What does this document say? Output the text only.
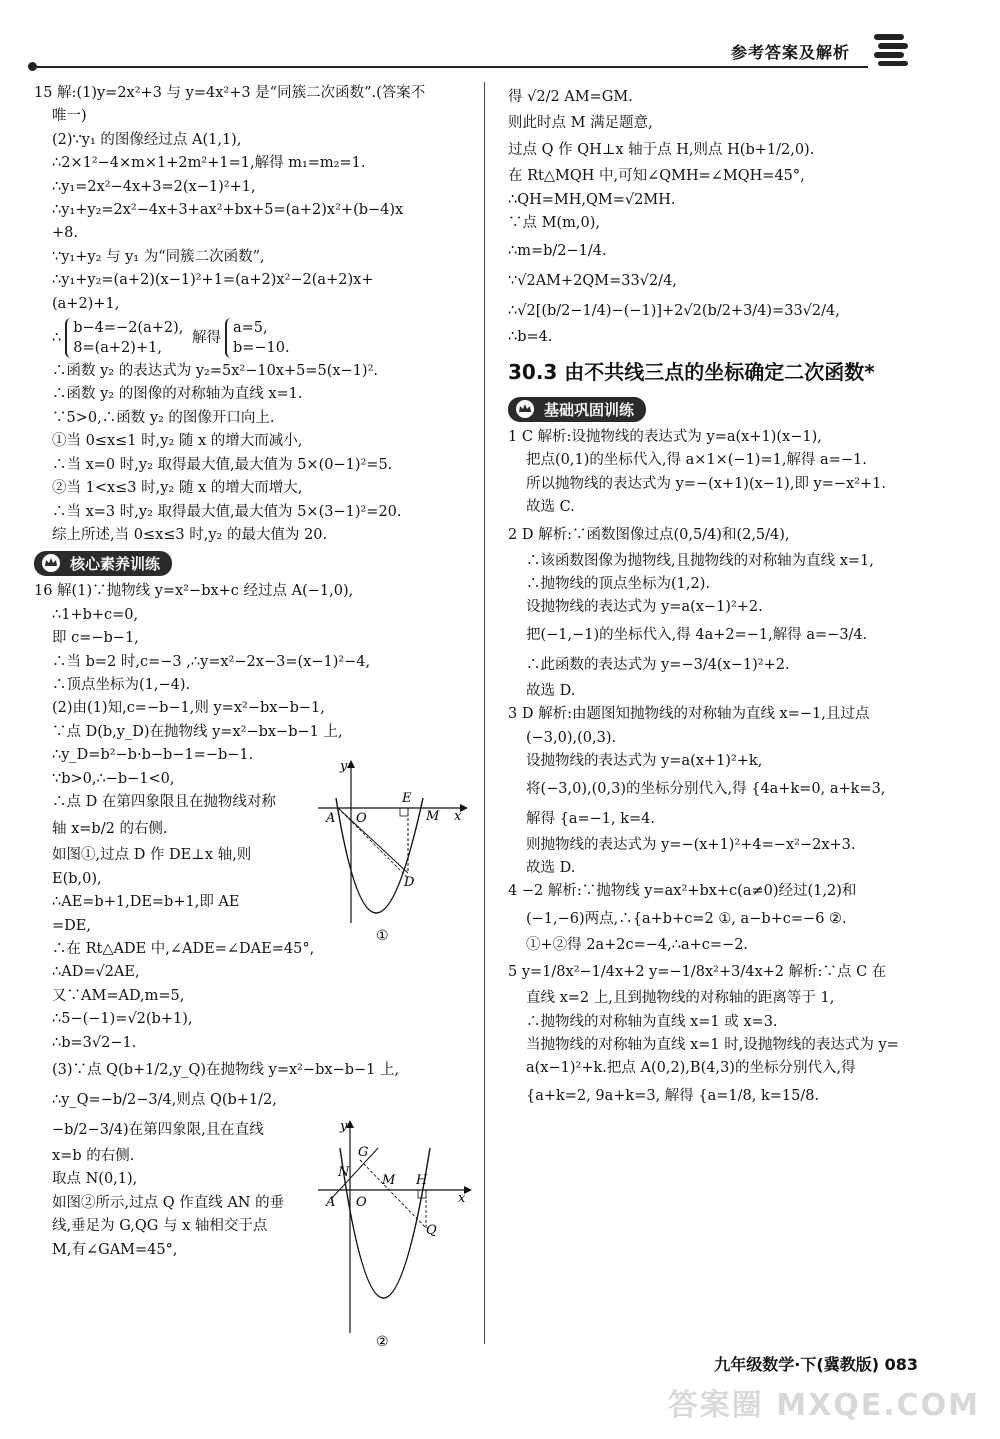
参考答案及解析
15 解:(1)y=2x²+3 与 y=4x²+3 是“同簇二次函数”.(答案不
唯一)
(2)∵y₁ 的图像经过点 A(1,1),
∴2×1²−4×m×1+2m²+1=1,解得 m₁=m₂=1.
∴y₁=2x²−4x+3=2(x−1)²+1,
∴y₁+y₂=2x²−4x+3+ax²+bx+5=(a+2)x²+(b−4)x
+8.
∵y₁+y₂ 与 y₁ 为“同簇二次函数”,
∴y₁+y₂=(a+2)(x−1)²+1=(a+2)x²−2(a+2)x+
(a+2)+1,
∴b−4=−2(a+2),
8=(a+2)+1, 解得a=5,
b=−10.
∴函数 y₂ 的表达式为 y₂=5x²−10x+5=5(x−1)².
∴函数 y₂ 的图像的对称轴为直线 x=1.
∵5>0,∴函数 y₂ 的图像开口向上.
①当 0≤x≤1 时,y₂ 随 x 的增大而减小,
∴当 x=0 时,y₂ 取得最大值,最大值为 5×(0−1)²=5.
②当 1<x≤3 时,y₂ 随 x 的增大而增大,
∴当 x=3 时,y₂ 取得最大值,最大值为 5×(3−1)²=20.
综上所述,当 0≤x≤3 时,y₂ 的最大值为 20.
核心素养训练
16 解(1)∵抛物线 y=x²−bx+c 经过点 A(−1,0),
∴1+b+c=0,
即 c=−b−1,
∴当 b=2 时,c=−3 ,∴y=x²−2x−3=(x−1)²−4,
∴顶点坐标为(1,−4).
(2)由(1)知,c=−b−1,则 y=x²−bx−b−1,
∵点 D(b,y_D)在抛物线 y=x²−bx−b−1 上,
∴y_D=b²−b·b−b−1=−b−1.
∵b>0,∴−b−1<0,
∴点 D 在第四象限且在抛物线对称
轴 x=b/2 的右侧.
如图①,过点 D 作 DE⊥x 轴,则
E(b,0),
∴AE=b+1,DE=b+1,即 AE
=DE,
∴在 Rt△ADE 中,∠ADE=∠DAE=45°,
∴AD=√2AE,
又∵AM=AD,m=5,
∴5−(−1)=√2(b+1),
∴b=3√2−1.
(3)∵点 Q(b+1/2,y_Q)在抛物线 y=x²−bx−b−1 上,
∴y_Q=−b/2−3/4,则点 Q(b+1/2,
−b/2−3/4)在第四象限,且在直线
x=b 的右侧.
取点 N(0,1),
如图②所示,过点 Q 作直线 AN 的垂
线,垂足为 G,QG 与 x 轴相交于点
M,有∠GAM=45°,
A O
E
M
D
x
y
①
A O
N
G
M H
Q
x
y
②
得 √2/2 AM=GM.
则此时点 M 满足题意,
过点 Q 作 QH⊥x 轴于点 H,则点 H(b+1/2,0).
在 Rt△MQH 中,可知∠QMH=∠MQH=45°,
∴QH=MH,QM=√2MH.
∵点 M(m,0),
∴m=b/2−1/4.
∵√2AM+2QM=33√2/4,
∴√2[(b/2−1/4)−(−1)]+2√2(b/2+3/4)=33√2/4,
∴b=4.
30.3 由不共线三点的坐标确定二次函数*
基础巩固训练
1 C 解析:设抛物线的表达式为 y=a(x+1)(x−1),
把点(0,1)的坐标代入,得 a×1×(−1)=1,解得 a=−1.
所以抛物线的表达式为 y=−(x+1)(x−1),即 y=−x²+1.
故选 C.
2 D 解析:∵函数图像过点(0,5/4)和(2,5/4),
∴该函数图像为抛物线,且抛物线的对称轴为直线 x=1,
∴抛物线的顶点坐标为(1,2).
设抛物线的表达式为 y=a(x−1)²+2.
把(−1,−1)的坐标代入,得 4a+2=−1,解得 a=−3/4.
∴此函数的表达式为 y=−3/4(x−1)²+2.
故选 D.
3 D 解析:由题图知抛物线的对称轴为直线 x=−1,且过点
(−3,0),(0,3).
设抛物线的表达式为 y=a(x+1)²+k,
将(−3,0),(0,3)的坐标分别代入,得 {4a+k=0, a+k=3,
解得 {a=−1, k=4.
则抛物线的表达式为 y=−(x+1)²+4=−x²−2x+3.
故选 D.
4 −2 解析:∵抛物线 y=ax²+bx+c(a≠0)经过(1,2)和
(−1,−6)两点,∴{a+b+c=2 ①, a−b+c=−6 ②.
①+②得 2a+2c=−4,∴a+c=−2.
5 y=1/8x²−1/4x+2 y=−1/8x²+3/4x+2 解析:∵点 C 在
直线 x=2 上,且到抛物线的对称轴的距离等于 1,
∴抛物线的对称轴为直线 x=1 或 x=3.
当抛物线的对称轴为直线 x=1 时,设抛物线的表达式为 y=
a(x−1)²+k.把点 A(0,2),B(4,3)的坐标分别代入,得
{a+k=2, 9a+k=3, 解得 {a=1/8, k=15/8.
九年级数学·下(冀教版) 083
答案圈 MXQE.COM
